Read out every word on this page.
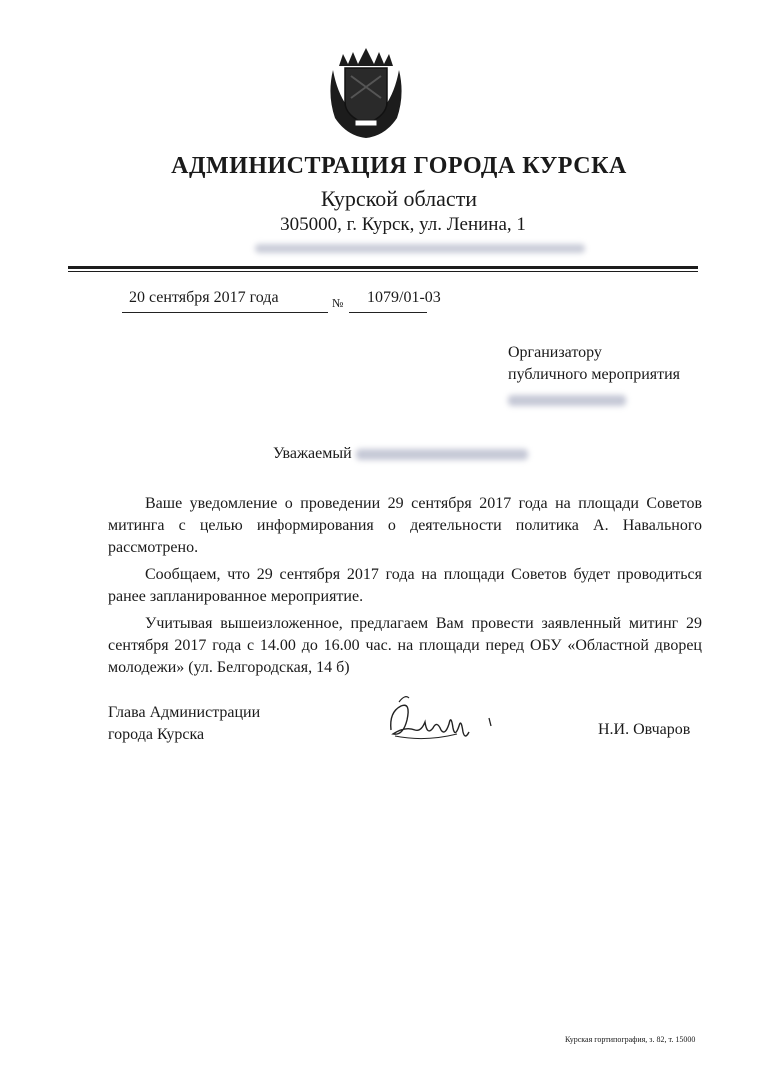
АДМИНИСТРАЦИЯ ГОРОДА КУРСКА
Курской области
305000, г. Курск, ул. Ленина, 1
20 сентября 2017 года	№ 1079/01-03
Организатору
публичного мероприятия
Уважаемый

Ваше уведомление о проведении 29 сентября 2017 года на площади Советов митинга с целью информирования о деятельности политика А. Навального рассмотрено.

Сообщаем, что 29 сентября 2017 года на площади Советов будет проводиться ранее запланированное мероприятие.

Учитывая вышеизложенное, предлагаем Вам провести заявленный митинг 29 сентября 2017 года с 14.00 до 16.00 час. на площади перед ОБУ «Областной дворец молодежи» (ул. Белгородская, 14 б)

Глава Администрации
города Курска	Н.И. Овчаров
Курская гортипография, з. 82, т. 15000
